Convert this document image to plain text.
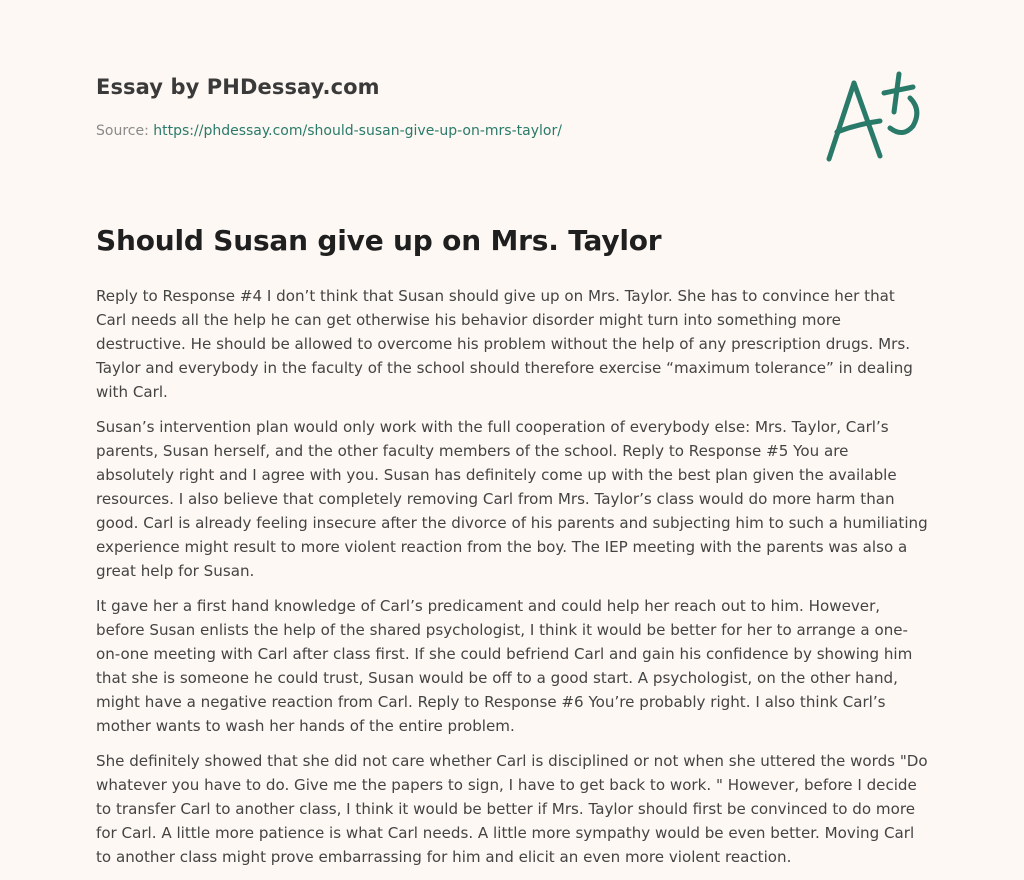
Essay by PHDessay.com

Source: https://phdessay.com/should-susan-give-up-on-mrs-taylor/

Should Susan give up on Mrs. Taylor

Reply to Response #4 I don’t think that Susan should give up on Mrs. Taylor. She has to convince her that Carl needs all the help he can get otherwise his behavior disorder might turn into something more destructive. He should be allowed to overcome his problem without the help of any prescription drugs. Mrs. Taylor and everybody in the faculty of the school should therefore exercise “maximum tolerance” in dealing with Carl.

Susan’s intervention plan would only work with the full cooperation of everybody else: Mrs. Taylor, Carl’s parents, Susan herself, and the other faculty members of the school. Reply to Response #5 You are absolutely right and I agree with you. Susan has definitely come up with the best plan given the available resources. I also believe that completely removing Carl from Mrs. Taylor’s class would do more harm than good. Carl is already feeling insecure after the divorce of his parents and subjecting him to such a humiliating experience might result to more violent reaction from the boy. The IEP meeting with the parents was also a great help for Susan.

It gave her a first hand knowledge of Carl’s predicament and could help her reach out to him. However, before Susan enlists the help of the shared psychologist, I think it would be better for her to arrange a one-on-one meeting with Carl after class first. If she could befriend Carl and gain his confidence by showing him that she is someone he could trust, Susan would be off to a good start. A psychologist, on the other hand, might have a negative reaction from Carl. Reply to Response #6 You’re probably right. I also think Carl’s mother wants to wash her hands of the entire problem.

She definitely showed that she did not care whether Carl is disciplined or not when she uttered the words "Do whatever you have to do. Give me the papers to sign, I have to get back to work. " However, before I decide to transfer Carl to another class, I think it would be better if Mrs. Taylor should first be convinced to do more for Carl. A little more patience is what Carl needs. A little more sympathy would be even better. Moving Carl to another class might prove embarrassing for him and elicit an even more violent reaction.
